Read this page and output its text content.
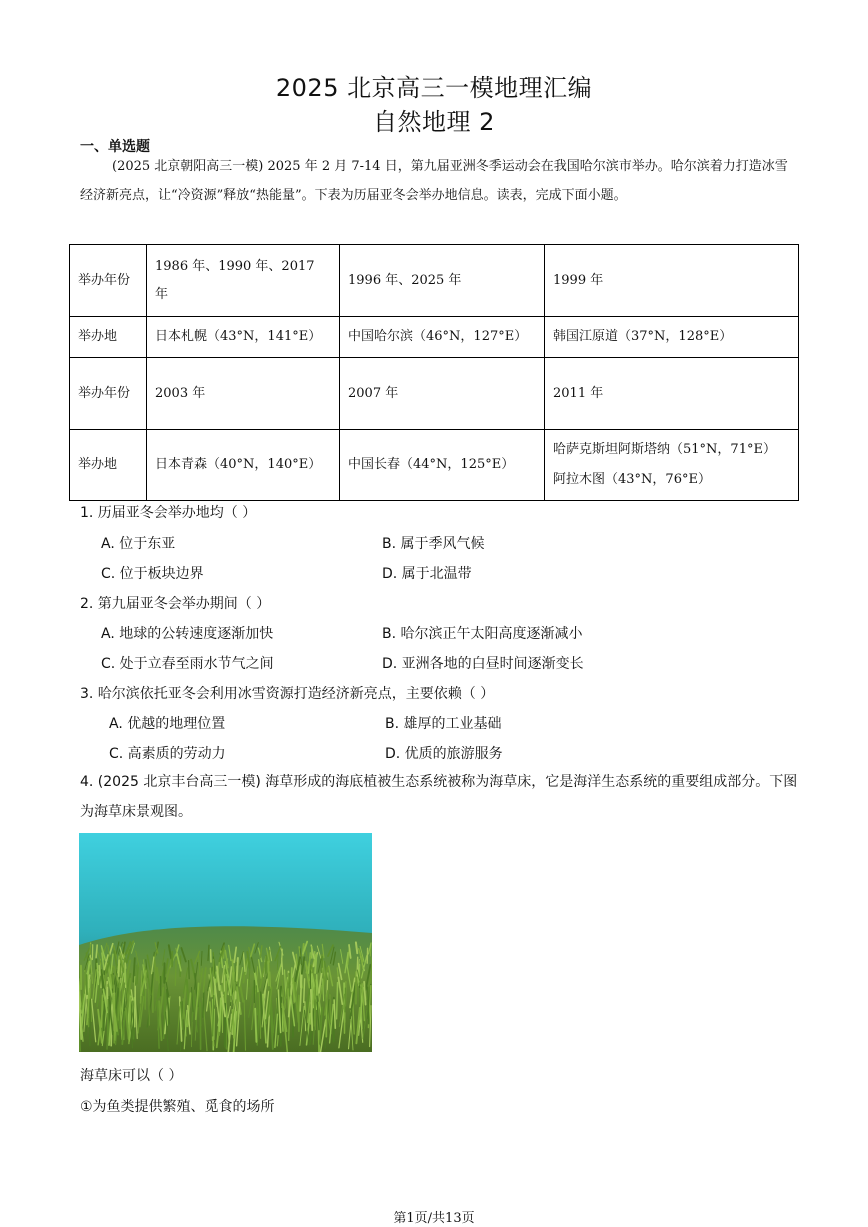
2025 北京高三一模地理汇编
自然地理 2
一、单选题
(2025 北京朝阳高三一模) 2025 年 2 月 7-14 日，第九届亚洲冬季运动会在我国哈尔滨市举办。哈尔滨着力打造冰雪经济新亮点，让“冷资源”释放“热能量”。下表为历届亚冬会举办地信息。读表，完成下面小题。
举办年份	1986 年、1990 年、2017 年	1996 年、2025 年	1999 年
举办地	日本札幌（43°N，141°E）	中国哈尔滨（46°N，127°E）	韩国江原道（37°N，128°E）
举办年份	2003 年	2007 年	2011 年
举办地	日本青森（40°N，140°E）	中国长春（44°N，125°E）	哈萨克斯坦阿斯塔纳（51°N，71°E）
阿拉木图（43°N，76°E）
1. 历届亚冬会举办地均（ ）
A. 位于东亚	B. 属于季风气候
C. 位于板块边界	D. 属于北温带
2. 第九届亚冬会举办期间（ ）
A. 地球的公转速度逐渐加快	B. 哈尔滨正午太阳高度逐渐减小
C. 处于立春至雨水节气之间	D. 亚洲各地的白昼时间逐渐变长
3. 哈尔滨依托亚冬会利用冰雪资源打造经济新亮点，主要依赖（ ）
A. 优越的地理位置	B. 雄厚的工业基础
C. 高素质的劳动力	D. 优质的旅游服务
4. (2025 北京丰台高三一模) 海草形成的海底植被生态系统被称为海草床，它是海洋生态系统的重要组成部分。下图为海草床景观图。
海草床可以（ ）
①为鱼类提供繁殖、觅食的场所
第1页/共13页
